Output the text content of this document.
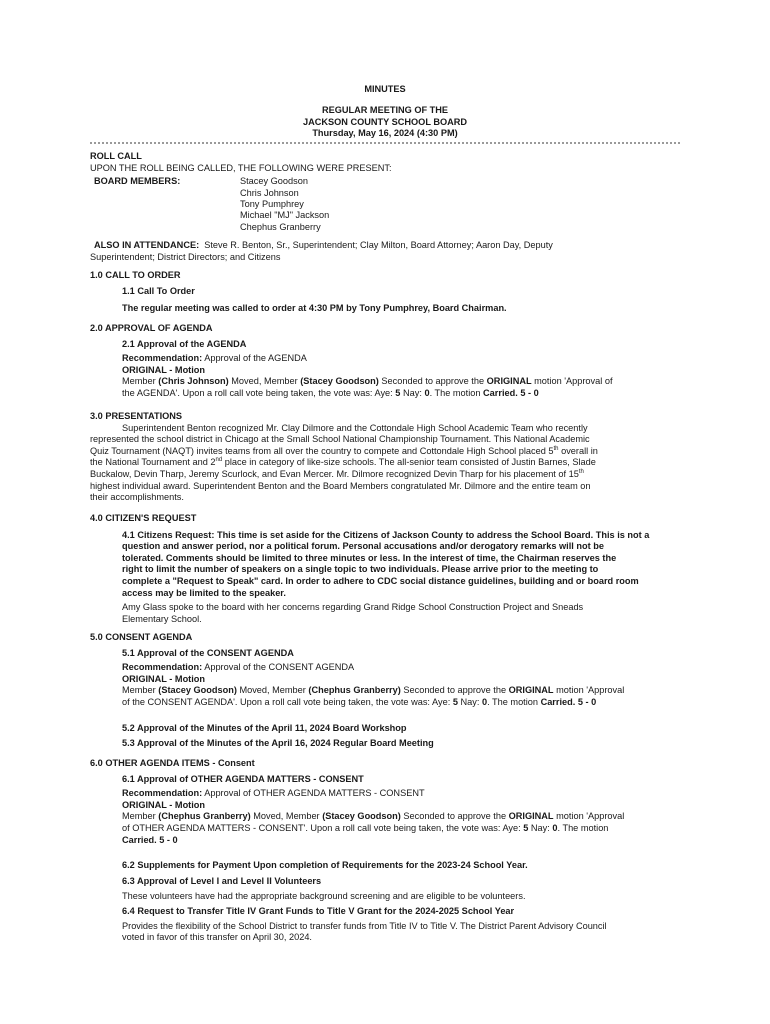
MINUTES
REGULAR MEETING OF THE
JACKSON COUNTY SCHOOL BOARD
Thursday, May 16, 2024 (4:30 PM)
ROLL CALL
UPON THE ROLL BEING CALLED, THE FOLLOWING WERE PRESENT:
BOARD MEMBERS:	Stacey Goodson
Chris Johnson
Tony Pumphrey
Michael "MJ" Jackson
Chephus Granberry
ALSO IN ATTENDANCE: Steve R. Benton, Sr., Superintendent; Clay Milton, Board Attorney; Aaron Day, Deputy
Superintendent; District Directors; and Citizens
1.0 CALL TO ORDER
1.1 Call To Order
The regular meeting was called to order at 4:30 PM by Tony Pumphrey, Board Chairman.
2.0 APPROVAL OF AGENDA
2.1 Approval of the AGENDA
Recommendation: Approval of the AGENDA
ORIGINAL - Motion
Member (Chris Johnson) Moved, Member (Stacey Goodson) Seconded to approve the ORIGINAL motion 'Approval of
the AGENDA'. Upon a roll call vote being taken, the vote was: Aye: 5 Nay: 0. The motion Carried. 5 - 0
3.0 PRESENTATIONS

Superintendent Benton recognized Mr. Clay Dilmore and the Cottondale High School Academic Team who recently

represented the school district in Chicago at the Small School National Championship Tournament. This National Academic

Quiz Tournament (NAQT) invites teams from all over the country to compete and Cottondale High School placed 5th overall in

the National Tournament and 2nd place in category of like-size schools. The all-senior team consisted of Justin Barnes, Slade

Buckalow, Devin Tharp, Jeremy Scurlock, and Evan Mercer. Mr. Dilmore recognized Devin Tharp for his placement of 15th

highest individual award. Superintendent Benton and the Board Members congratulated Mr. Dilmore and the entire team on

their accomplishments.

4.0 CITIZEN'S REQUEST

4.1 Citizens Request: This time is set aside for the Citizens of Jackson County to address the School Board. This is not a

question and answer period, nor a political forum. Personal accusations and/or derogatory remarks will not be

tolerated. Comments should be limited to three minutes or less. In the interest of time, the Chairman reserves the

right to limit the number of speakers on a single topic to two individuals. Please arrive prior to the meeting to

complete a "Request to Speak" card. In order to adhere to CDC social distance guidelines, building and or board room

access may be limited to the speaker.

Amy Glass spoke to the board with her concerns regarding Grand Ridge School Construction Project and Sneads

Elementary School.

5.0 CONSENT AGENDA
5.1 Approval of the CONSENT AGENDA
Recommendation: Approval of the CONSENT AGENDA
ORIGINAL - Motion
Member (Stacey Goodson) Moved, Member (Chephus Granberry) Seconded to approve the ORIGINAL motion 'Approval
of the CONSENT AGENDA'. Upon a roll call vote being taken, the vote was: Aye: 5 Nay: 0. The motion Carried. 5 - 0
5.2 Approval of the Minutes of the April 11, 2024 Board Workshop
5.3 Approval of the Minutes of the April 16, 2024 Regular Board Meeting
6.0 OTHER AGENDA ITEMS - Consent
6.1 Approval of OTHER AGENDA MATTERS - CONSENT
Recommendation: Approval of OTHER AGENDA MATTERS - CONSENT
ORIGINAL - Motion
Member (Chephus Granberry) Moved, Member (Stacey Goodson) Seconded to approve the ORIGINAL motion 'Approval
of OTHER AGENDA MATTERS - CONSENT'. Upon a roll call vote being taken, the vote was: Aye: 5 Nay: 0. The motion
Carried. 5 - 0
6.2 Supplements for Payment Upon completion of Requirements for the 2023-24 School Year.
6.3 Approval of Level I and Level II Volunteers
These volunteers have had the appropriate background screening and are eligible to be volunteers.
6.4 Request to Transfer Title IV Grant Funds to Title V Grant for the 2024-2025 School Year
Provides the flexibility of the School District to transfer funds from Title IV to Title V. The District Parent Advisory Council
voted in favor of this transfer on April 30, 2024.
